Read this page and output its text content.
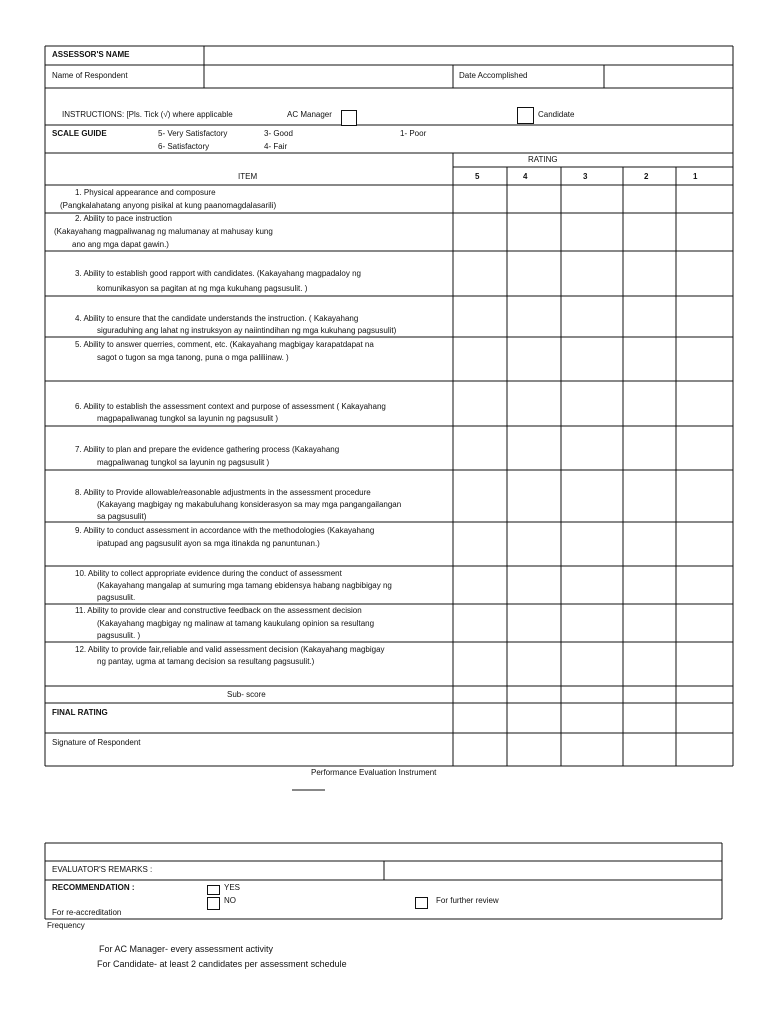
ASSESSOR'S NAME
Name of Respondent	Date Accomplished
INSTRUCTIONS: [Pls. Tick (√) where applicable	AC Manager	Candidate
SCALE GUIDE	5- Very Satisfactory	3- Good	1- Poor
6- Satisfactory	4- Fair
RATING
ITEM	5	4	3	2	1
1. Physical appearance and composure
(Pangkalahatang anyong pisikal at kung paanomagdalasarili)
2. Ability to pace instruction
(Kakayahang magpaliwanag ng malumanay at mahusay kung
ano ang mga dapat gawin.)
3. Ability to establish good rapport with candidates. (Kakayahang magpadaloy ng
komunikasyon sa pagitan at ng mga kukuhang pagsusulit. )
4. Ability to ensure that the candidate understands the instruction. ( Kakayahang
siguraduhing ang lahat ng instruksyon ay naiintindihan ng mga kukuhang pagsusulit)
5. Ability to answer querries, comment, etc. (Kakayahang magbigay karapatdapat na
sagot o tugon sa mga tanong, puna o mga paliliinaw. )
6. Ability to establish the assessment context and purpose of assessment ( Kakayahang
magpapaliwanag tungkol sa layunin ng pagsusulit )
7. Ability to plan and prepare the evidence gathering process (Kakayahang
magpaliwanag tungkol sa layunin ng pagsusulit )
8. Ability to Provide allowable/reasonable adjustments in the assessment procedure
(Kakayang magbigay ng makabuluhang konsiderasyon sa may mga pangangailangan
sa pagsusulit)
9. Ability to conduct assessment in accordance with the methodologies (Kakayahang
ipatupad ang pagsusulit ayon sa mga itinakda ng panuntunan.)
10. Ability to collect appropriate evidence during the conduct of assessment
(Kakayahang mangalap at sumuring mga tamang ebidensya habang nagbibigay ng
pagsusulit.
11. Ability to provide clear and constructive feedback on the assessment decision
(Kakayahang magbigay ng malinaw at tamang kaukulang opinion sa resultang
pagsusulit. )
12. Ability to provide fair,reliable and valid assessment decision (Kakayahang magbigay
ng pantay, ugma at tamang decision sa resultang pagsusulit.)
Sub- score
FINAL RATING
Signature of Respondent
Performance Evaluation Instrument
EVALUATOR'S REMARKS :
RECOMMENDATION :	YES
NO	For further review
For re-accreditation
Frequency
For AC Manager- every assessment activity
For Candidate- at least 2 candidates per assessment schedule
